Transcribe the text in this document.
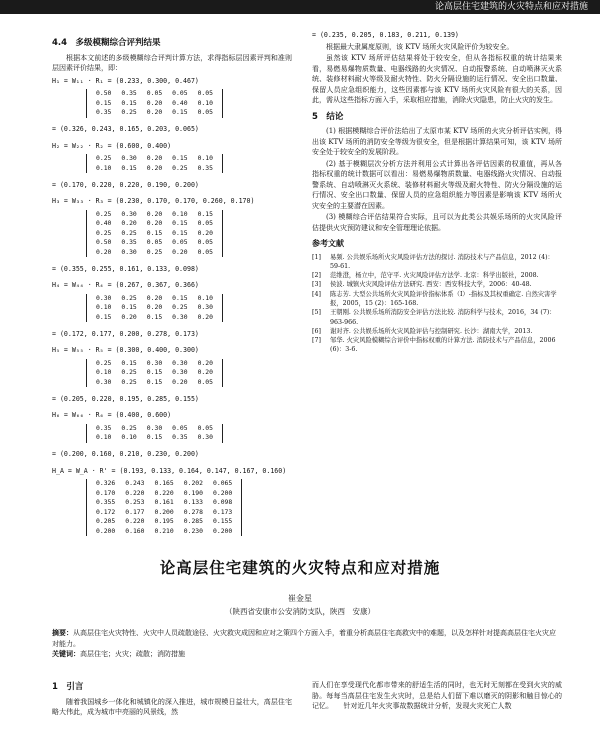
论高层住宅建筑的火灾特点和应对措施
4.4　多级模糊综合评判结果
根据本文前述的多级模糊综合评判计算方法，求得指标层因素评判和准则层因素评价结果，即：
H₁ = W₁₁ · R₁ = (0.233, 0.300, 0.467)
0.50	0.35	0.05	0.05	0.05
0.15	0.15	0.20	0.40	0.10
0.35	0.25	0.20	0.15	0.05
= (0.326, 0.243, 0.165, 0.203, 0.065)
H₂ = W₂₂ · R₂ = (0.600, 0.400)
0.25	0.30	0.20	0.15	0.10
0.10	0.15	0.20	0.25	0.35
= (0.170, 0.220, 0.220, 0.190, 0.200)
H₃ = W₃₃ · R₃ = (0.230, 0.170, 0.170, 0.260, 0.170)
0.25	0.30	0.20	0.10	0.15
0.40	0.20	0.20	0.15	0.05
0.25	0.25	0.15	0.15	0.20
0.50	0.35	0.05	0.05	0.05
0.20	0.30	0.25	0.20	0.05
= (0.355, 0.255, 0.161, 0.133, 0.098)
H₄ = W₄₄ · R₄ = (0.267, 0.367, 0.366)
0.30	0.25	0.20	0.15	0.10
0.10	0.15	0.20	0.25	0.30
0.15	0.20	0.15	0.30	0.20
= (0.172, 0.177, 0.200, 0.278, 0.173)
H₅ = W₅₅ · R₅ = (0.300, 0.400, 0.300)
0.25	0.15	0.30	0.30	0.20
0.10	0.25	0.15	0.30	0.20
0.30	0.25	0.15	0.20	0.05
= (0.205, 0.220, 0.195, 0.285, 0.155)
H₆ = W₆₆ · R₆ = (0.400, 0.600)
0.35	0.25	0.30	0.05	0.05
0.10	0.10	0.15	0.35	0.30
= (0.200, 0.160, 0.210, 0.230, 0.200)
H_A = W_A · R' = (0.193, 0.133, 0.164, 0.147, 0.167, 0.160)
0.326	0.243	0.165	0.202	0.065
0.170	0.220	0.220	0.190	0.200
0.355	0.253	0.161	0.133	0.098
0.172	0.177	0.200	0.278	0.173
0.205	0.220	0.195	0.285	0.155
0.200	0.160	0.210	0.230	0.200
= (0.235, 0.205, 0.183, 0.211, 0.139)
根据最大隶属度原则，该 KTV 场所火灾风险评价为较安全。
虽然该 KTV 场所评估结果将处于较安全，但从各指标权重的统计结果来看，易燃易爆物质数量、电器线路的火灾情况、自动报警系统、自动喷淋灭火系统、装修材料耐火等级及耐火特性、防火分隔设施的运行情况、安全出口数量、保留人员应急组织能力，这些因素都与该 KTV 场所火灾风险有很大的关系，因此，需从这些指标方面入手，采取相应措施，消除火灾隐患，防止火灾的发生。
5　结论
(1) 根据模糊综合评价法给出了太原市某 KTV 场所的火灾分析评估实例，得出该 KTV 场所的消防安全等级为很安全，但是根据计算结果可知，该 KTV 场所安全处于较安全的发展阶段。
(2) 基于模糊层次分析方法并利用公式计算出各评估因素的权重值，再从各指标权重的统计数据可以看出：易燃易爆物质数量、电器线路火灾情况、自动报警系统、自动喷淋灭火系统、装修材料耐火等级及耐火特性、防火分隔设施的运行情况、安全出口数量、保留人员的应急组织能力等因素是影响该 KTV 场所火灾安全的主要潜在因素。
(3) 模糊综合评估结果符合实际，且可以为此类公共娱乐场所的火灾风险评估提供火灾预防建议和安全管理理论依据。
参考文献
[1]	易频. 公共娱乐场所火灾风险评估方法的探讨. 消防技术与产品信息，2012 (4)：59-61.
[2]	范维澄，杨立中，范守平. 火灾风险评估方法学. 北京：科学出版社，2008.
[3]	侯波. 城镇火灾风险评估方法研究. 西安：西安科技大学，2006：40-48.
[4]	陈志芳. 大型公共场所火灾风险评价指标体系（Ⅰ）-指标及其权重确定. 自然灾害学报，2005，15 (2)：165-168.
[5]	王朝刚. 公共娱乐场所消防安全评估方法比较. 消防科学与技术，2016，34 (7)：963-966.
[6]	谢对齐. 公共娱乐场所火灾风险评估与控制研究. 长沙：湖南大学，2013.
[7]	邹华. 火灾风险模糊综合评价中指标权重的计算方法. 消防技术与产品信息，2006 (6)：3-6.
论高层住宅建筑的火灾特点和应对措施
崔金星
（陕西省安康市公安消防支队，陕西　安康）
摘要：从高层住宅火灾特性、火灾中人员疏散途径、火灾救灾成因和应对之策四个方面入手，着重分析高层住宅高救灾中的难题，以及怎样针对提高高层住宅火灾应对能力。
关键词：高层住宅；火灾；疏散；消防措施
1　引言
随着我国城乡一体化和城镇化的深入推进，城市规模日益壮大，高层住宅略大伟此，成为城市中亮丽的风景线，然
而人们在享受现代化都市带来的舒适生活的同时，也无时无刻都在受到火灾的威胁。每每当高层住宅发生火灾时，总是给人们留下难以磨灭的阴影和触目惊心的记忆。　　针对近几年火灾事故数据统计分析，发现火灾死亡人数
